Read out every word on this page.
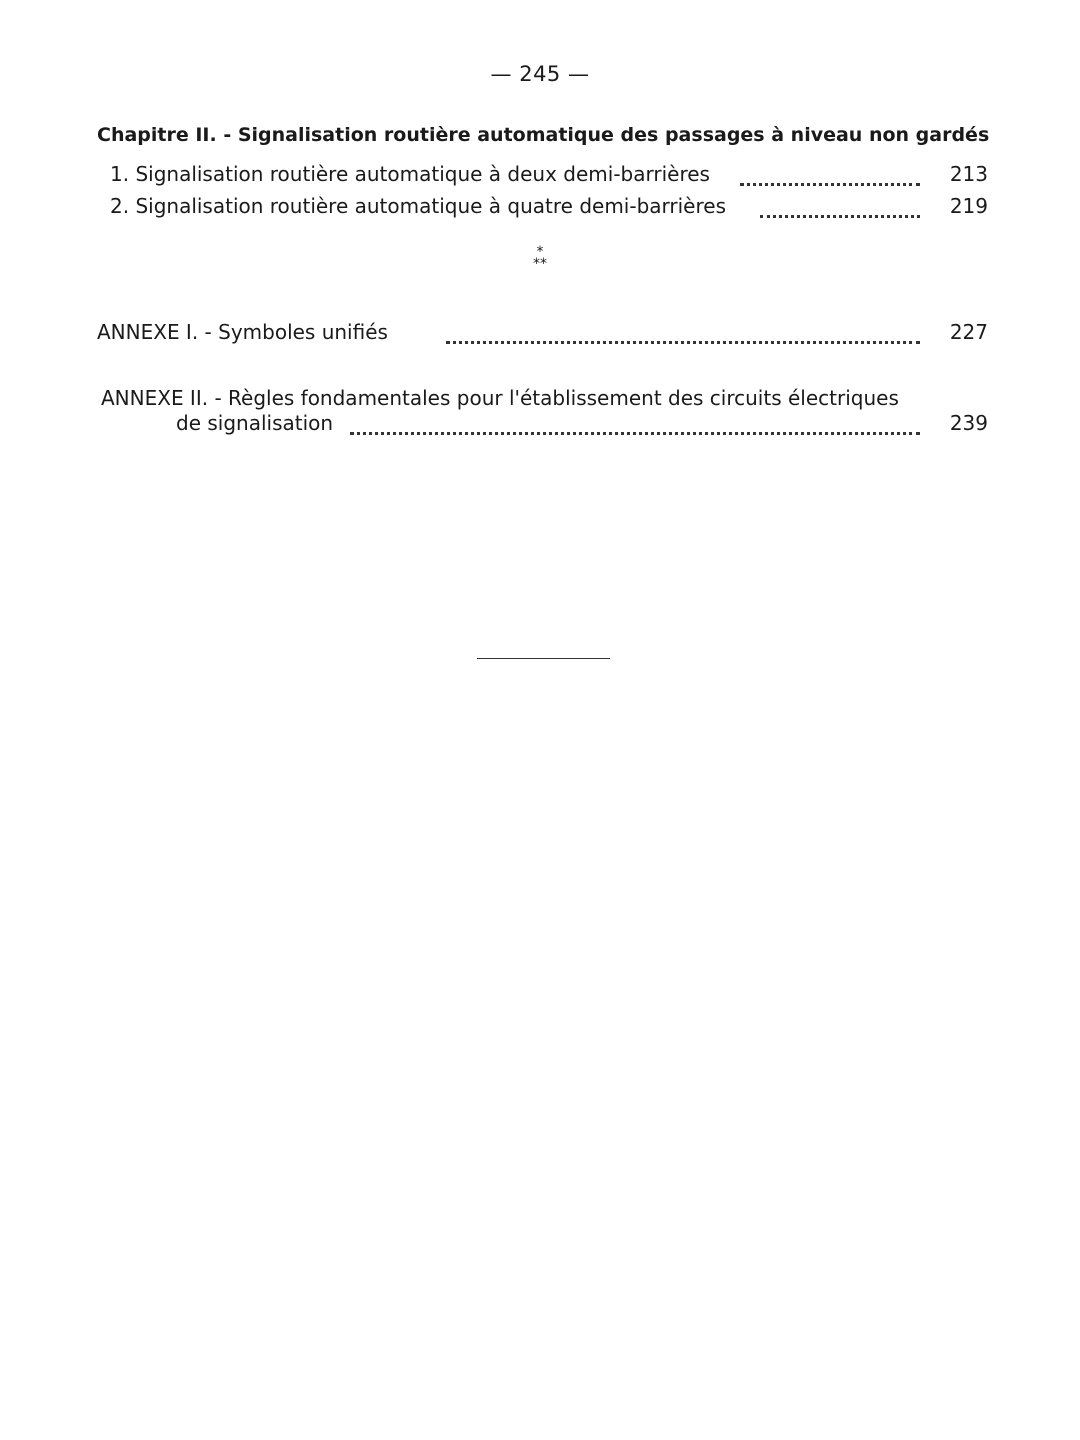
— 245 —
Chapitre II. - Signalisation routière automatique des passages à niveau non gardés
1. Signalisation routière automatique à deux demi-barrières	213
2. Signalisation routière automatique à quatre demi-barrières	219
*
**
ANNEXE I. - Symboles unifiés	227
ANNEXE II. - Règles fondamentales pour l'établissement des circuits électriques
de signalisation	239
